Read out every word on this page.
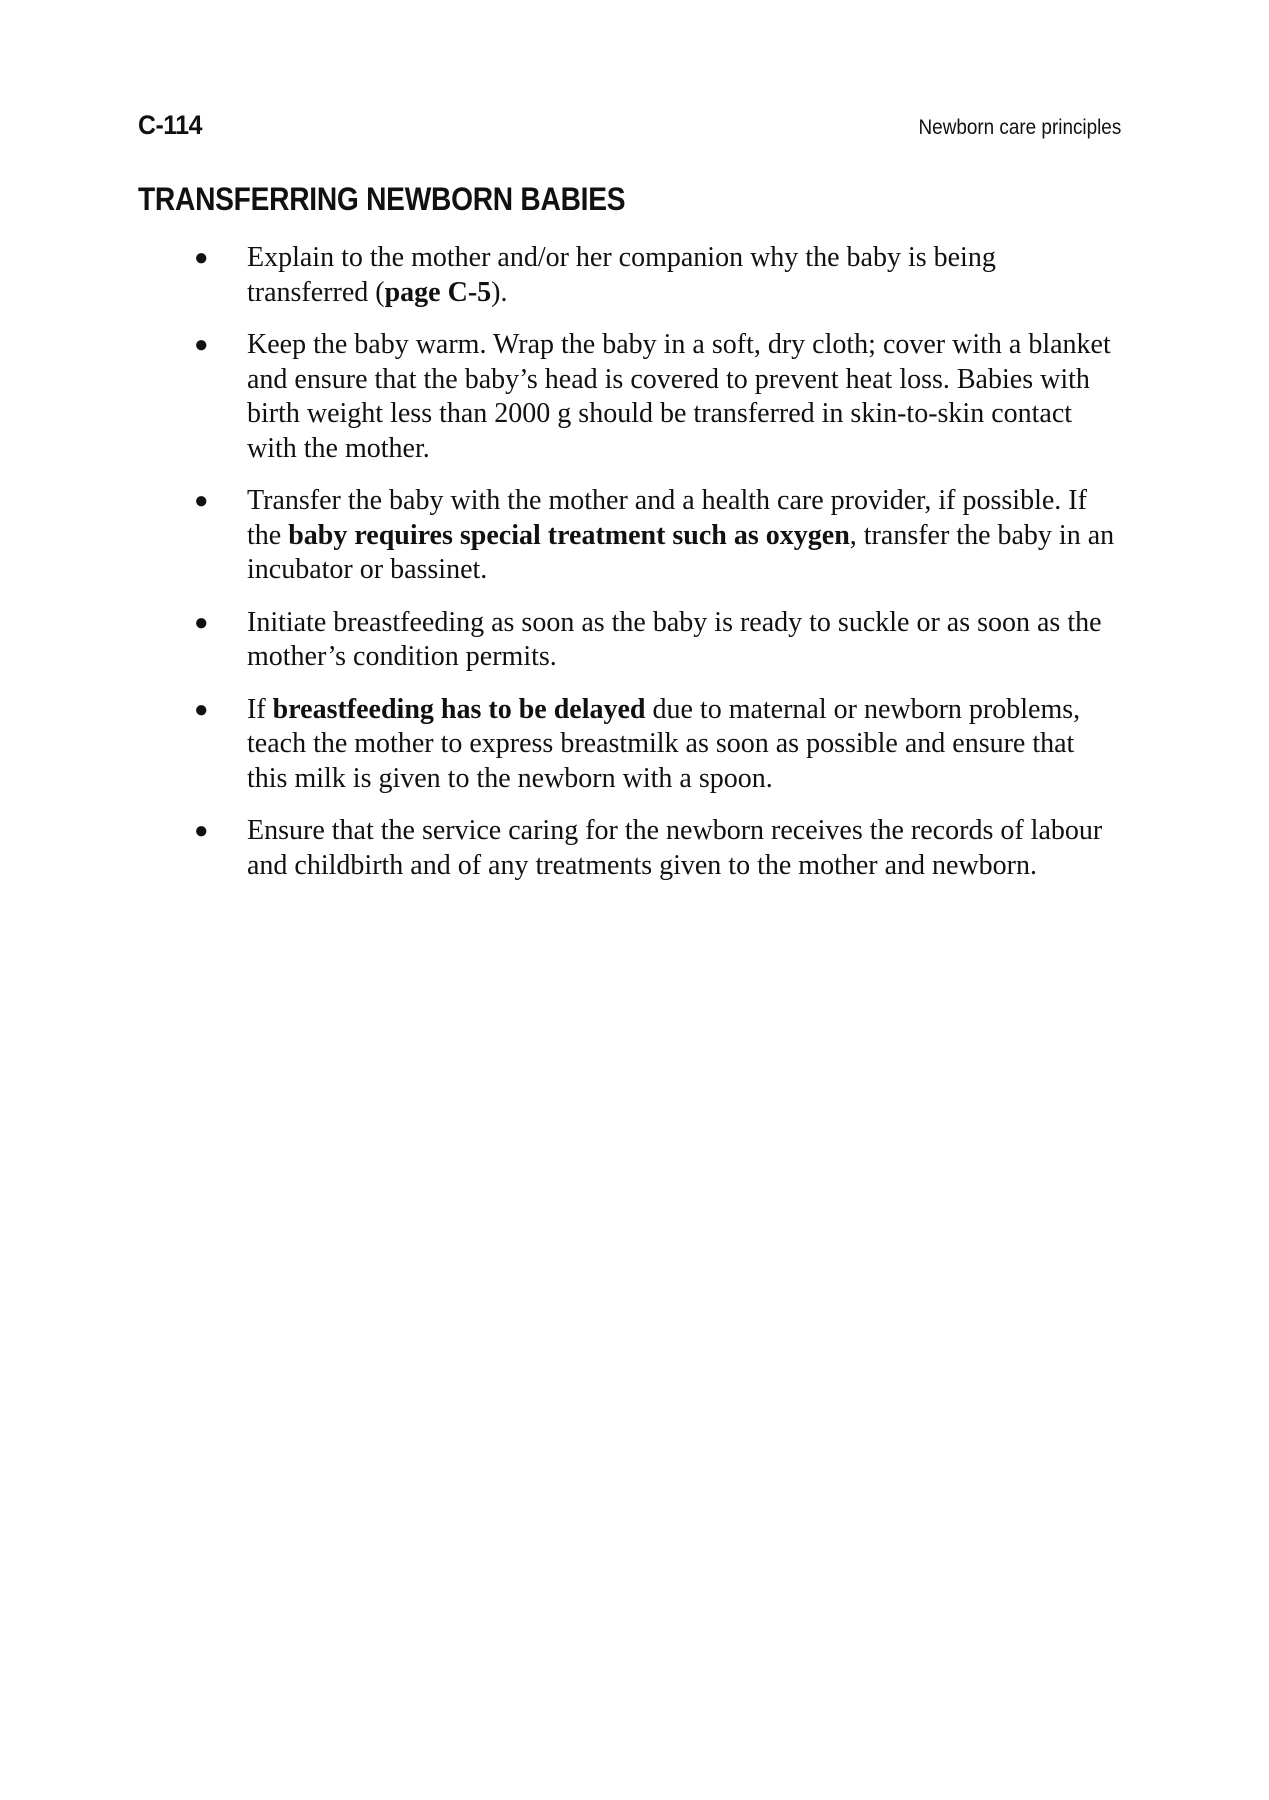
C-114	Newborn care principles
TRANSFERRING NEWBORN BABIES
● Explain to the mother and/or her companion why the baby is being transferred (page C-5).
● Keep the baby warm. Wrap the baby in a soft, dry cloth; cover with a blanket and ensure that the baby’s head is covered to prevent heat loss. Babies with birth weight less than 2000 g should be transferred in skin-to-skin contact with the mother.
● Transfer the baby with the mother and a health care provider, if possible. If the baby requires special treatment such as oxygen, transfer the baby in an incubator or bassinet.
● Initiate breastfeeding as soon as the baby is ready to suckle or as soon as the mother’s condition permits.
● If breastfeeding has to be delayed due to maternal or newborn problems, teach the mother to express breastmilk as soon as possible and ensure that this milk is given to the newborn with a spoon.
● Ensure that the service caring for the newborn receives the records of labour and childbirth and of any treatments given to the mother and newborn.
